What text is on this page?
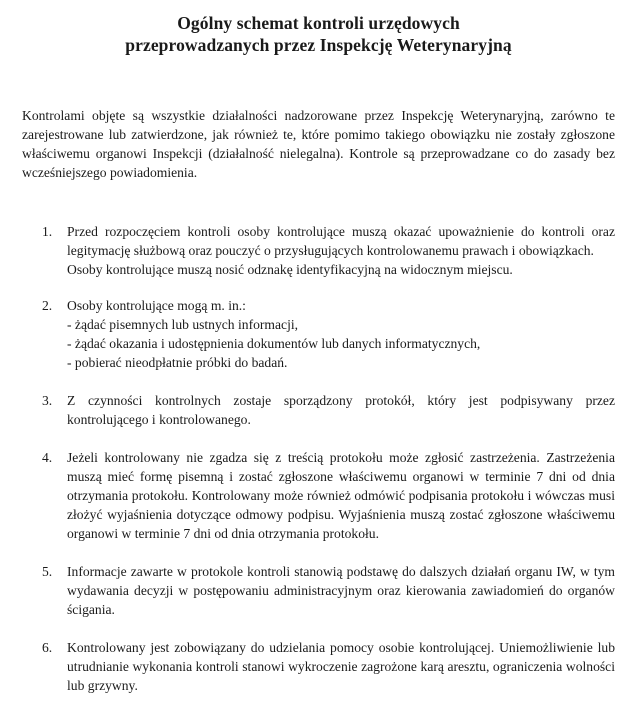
Ogólny schemat kontroli urzędowych
przeprowadzanych przez Inspekcję Weterynaryjną

Kontrolami objęte są wszystkie działalności nadzorowane przez Inspekcję Weterynaryjną, zarówno te zarejestrowane lub zatwierdzone, jak również te, które pomimo takiego obowiązku nie zostały zgłoszone właściwemu organowi Inspekcji (działalność nielegalna). Kontrole są przeprowadzane co do zasady bez wcześniejszego powiadomienia.

1. Przed rozpoczęciem kontroli osoby kontrolujące muszą okazać upoważnienie do kontroli oraz legitymację służbową oraz pouczyć o przysługujących kontrolowanemu prawach i obowiązkach.
Osoby kontrolujące muszą nosić odznakę identyfikacyjną na widocznym miejscu.
2. Osoby kontrolujące mogą m. in.:
- żądać pisemnych lub ustnych informacji,
- żądać okazania i udostępnienia dokumentów lub danych informatycznych,
- pobierać nieodpłatnie próbki do badań.
3. Z czynności kontrolnych zostaje sporządzony protokół, który jest podpisywany przez kontrolującego i kontrolowanego.
4. Jeżeli kontrolowany nie zgadza się z treścią protokołu może zgłosić zastrzeżenia. Zastrzeżenia muszą mieć formę pisemną i zostać zgłoszone właściwemu organowi w terminie 7 dni od dnia otrzymania protokołu. Kontrolowany może również odmówić podpisania protokołu i wówczas musi złożyć wyjaśnienia dotyczące odmowy podpisu. Wyjaśnienia muszą zostać zgłoszone właściwemu organowi w terminie 7 dni od dnia otrzymania protokołu.
5. Informacje zawarte w protokole kontroli stanowią podstawę do dalszych działań organu IW, w tym wydawania decyzji w postępowaniu administracyjnym oraz kierowania zawiadomień do organów ścigania.
6. Kontrolowany jest zobowiązany do udzielania pomocy osobie kontrolującej. Uniemożliwienie lub utrudnianie wykonania kontroli stanowi wykroczenie zagrożone karą aresztu, ograniczenia wolności lub grzywny.
